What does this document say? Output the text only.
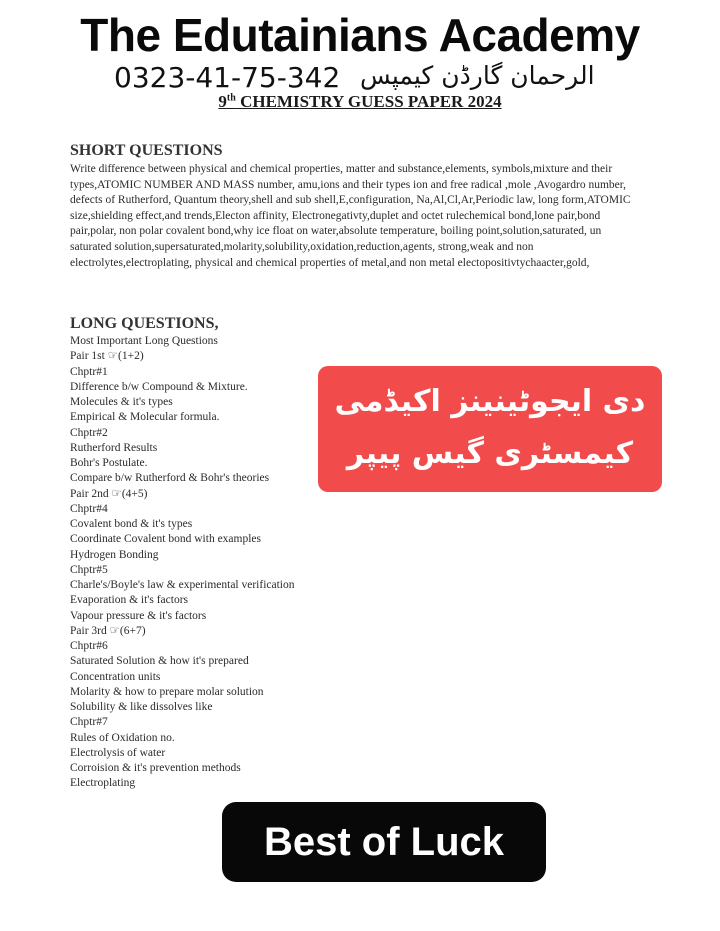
The Edutainians Academy
0323-41-75-342 الرحمان گارڈن کیمپس
9th CHEMISTRY GUESS PAPER 2024
SHORT QUESTIONS
Write difference between physical and chemical properties, matter and substance,elements, symbols,mixture and their types,ATOMIC NUMBER AND MASS number, amu,ions and their types ion and free radical ,mole ,Avogardro number, defects of Rutherford, Quantum theory,shell and sub shell,E,configuration, Na,Al,Cl,Ar,Periodic law, long form,ATOMIC size,shielding effect,and trends,Electon affinity, Electronegativty,duplet and octet rulechemical bond,lone pair,bond pair,polar, non polar covalent bond,why ice float on water,absolute temperature, boiling point,solution,saturated, un saturated solution,supersaturated,molarity,solubility,oxidation,reduction,agents, strong,weak and non electrolytes,electroplating, physical and chemical properties of metal,and non metal electopositivtychaacter,gold,
LONG QUESTIONS,
Most Important Long Questions
Pair 1st ☞(1+2)
Chptr#1
Difference b/w Compound & Mixture.
Molecules & it's types
Empirical & Molecular formula.
Chptr#2
Rutherford Results
Bohr's Postulate.
Compare b/w Rutherford & Bohr's theories
Pair 2nd ☞(4+5)
Chptr#4
Covalent bond & it's types
Coordinate Covalent bond with examples
Hydrogen Bonding
Chptr#5
Charle's/Boyle's law & experimental verification
Evaporation & it's factors
Vapour pressure & it's factors
Pair 3rd ☞(6+7)
Chptr#6
Saturated Solution & how it's prepared
Concentration units
Molarity & how to prepare molar solution
Solubility & like dissolves like
Chptr#7
Rules of Oxidation no.
Electrolysis of water
Corroision & it's prevention methods
Electroplating
دی ایجوٹینینز اکیڈمی
کیمسٹری گیس پیپر
Best of Luck
